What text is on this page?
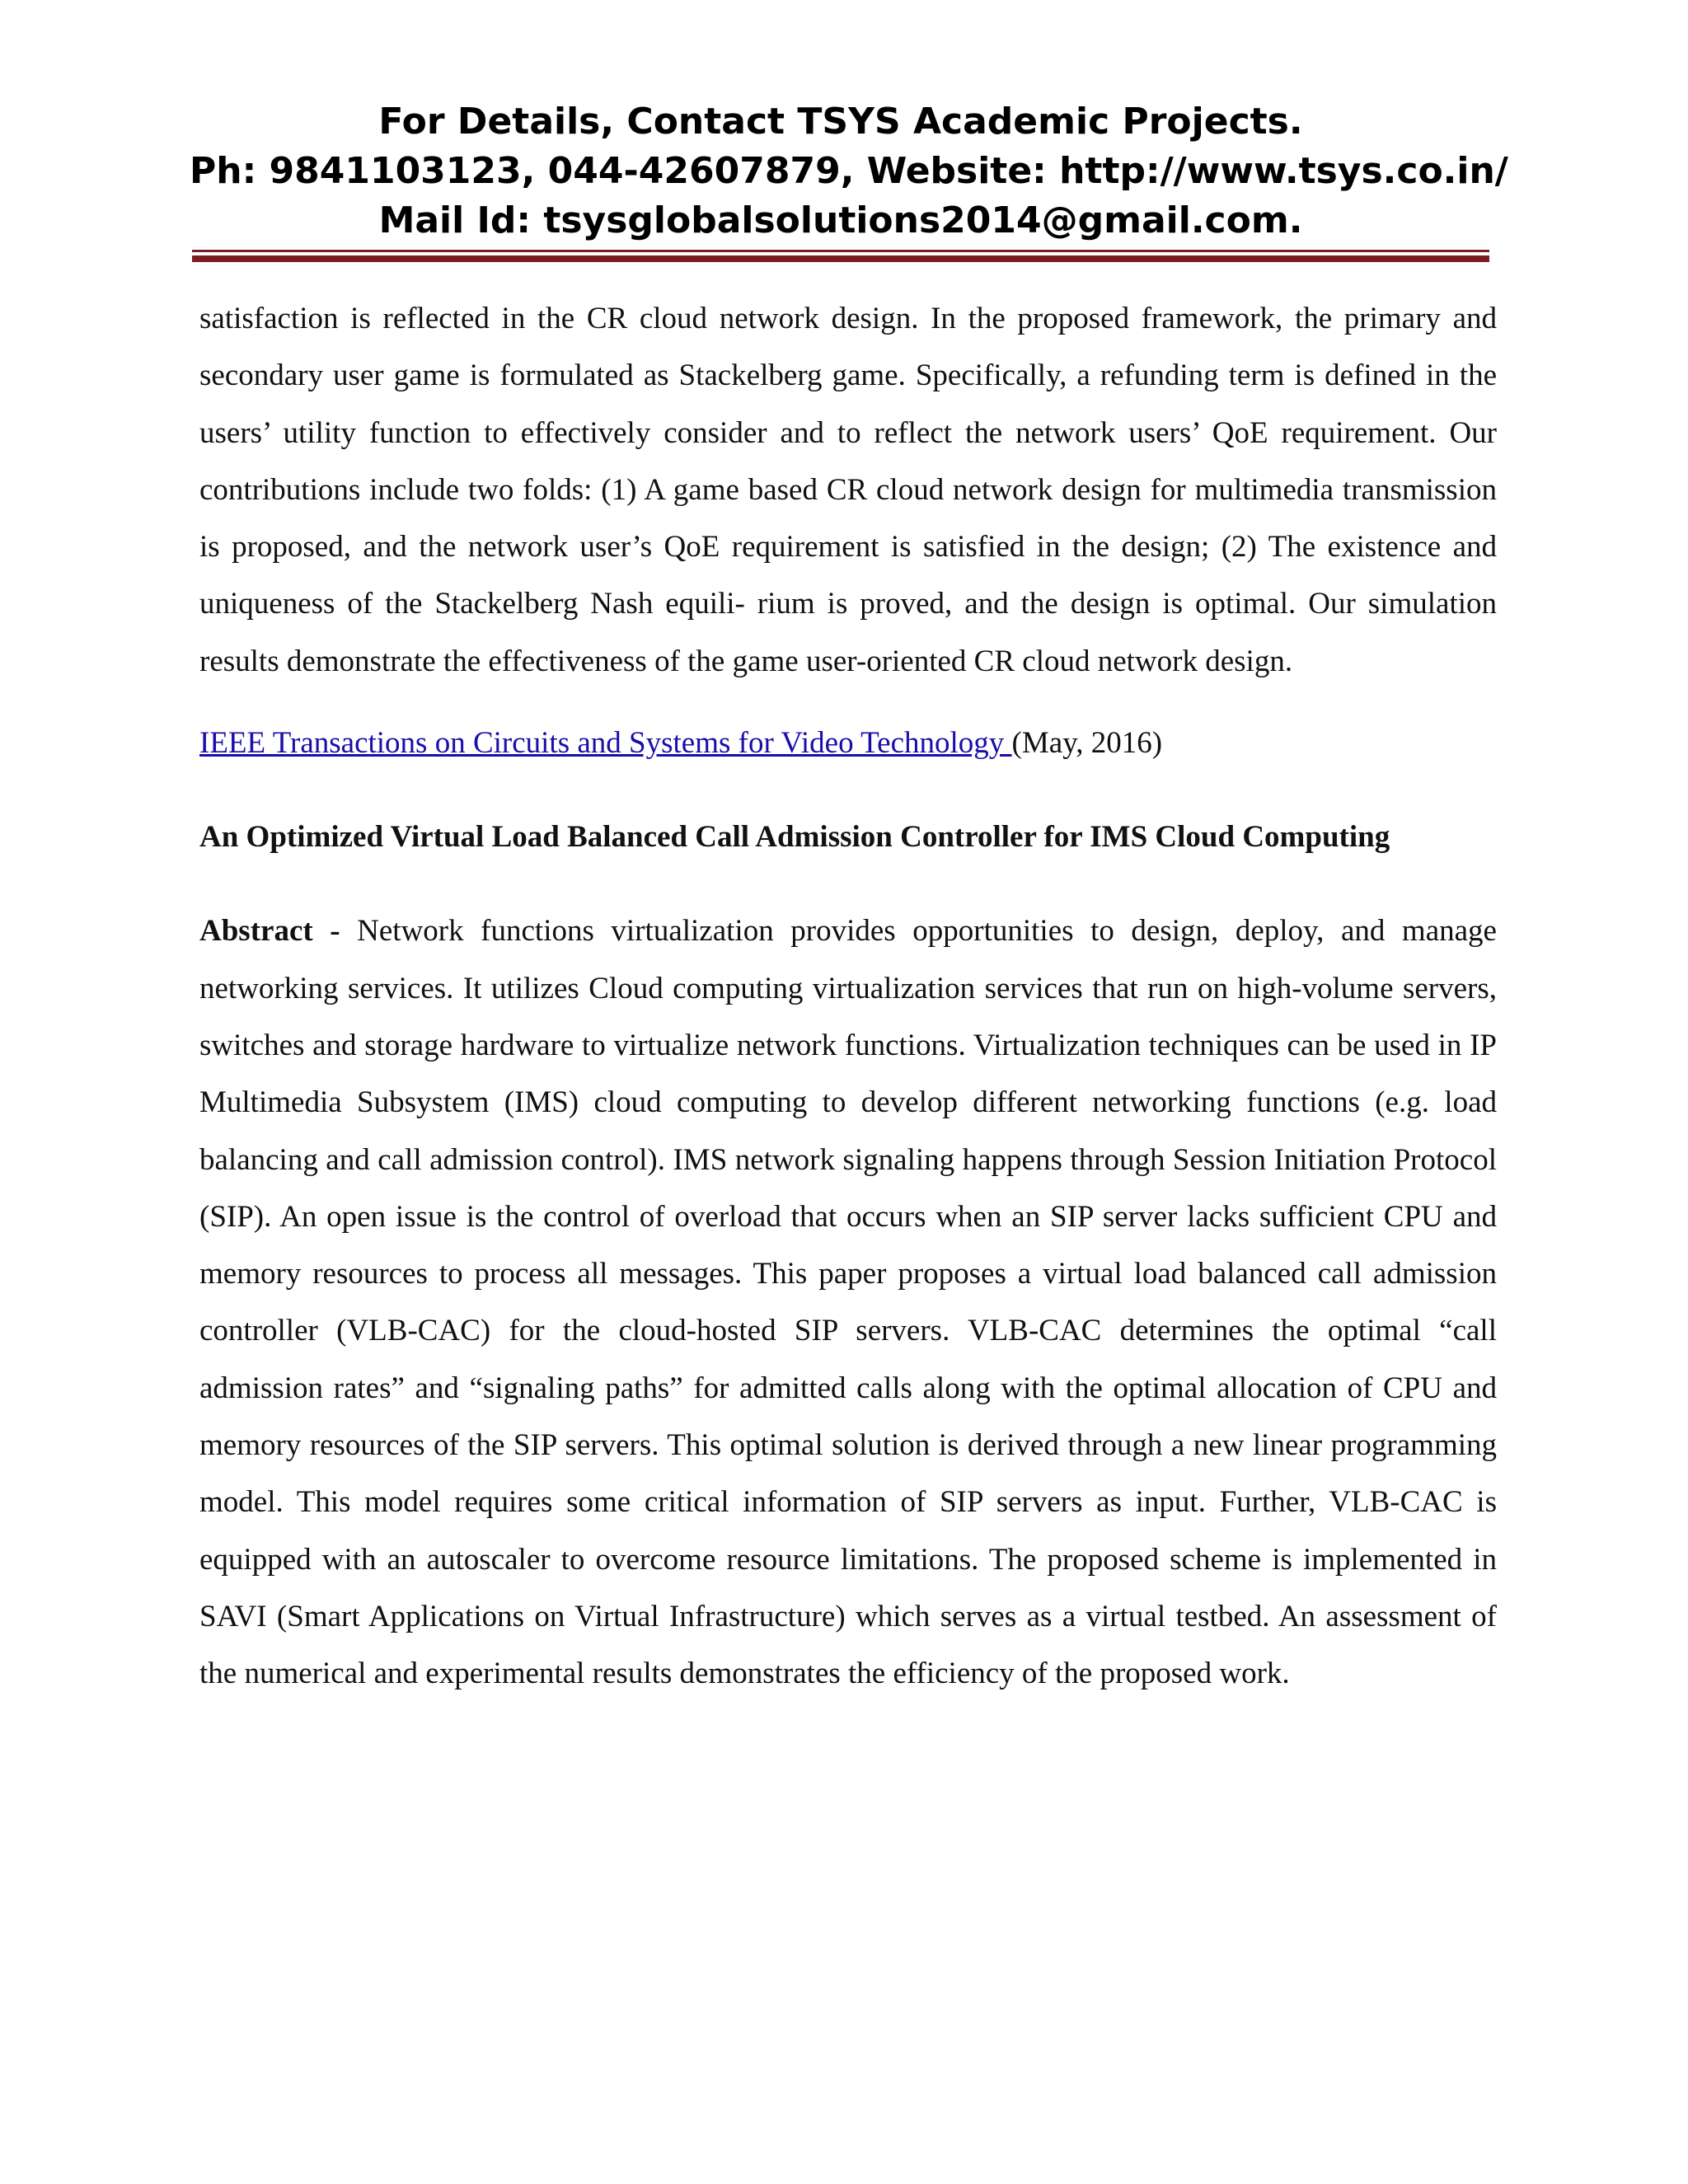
For Details, Contact TSYS Academic Projects.
Ph: 9841103123, 044-42607879, Website: http://www.tsys.co.in/
Mail Id: tsysglobalsolutions2014@gmail.com.

satisfaction is reflected in the CR cloud network design. In the proposed framework, the primary and secondary user game is formulated as Stackelberg game. Specifically, a refunding term is defined in the users’ utility function to effectively consider and to reflect the network users’ QoE requirement. Our contributions include two folds: (1) A game based CR cloud network design for multimedia transmission is proposed, and the network user’s QoE requirement is satisfied in the design; (2) The existence and uniqueness of the Stackelberg Nash equili- rium is proved, and the design is optimal. Our simulation results demonstrate the effectiveness of the game user-oriented CR cloud network design.

IEEE Transactions on Circuits and Systems for Video Technology (May, 2016)

An Optimized Virtual Load Balanced Call Admission Controller for IMS Cloud Computing

Abstract - Network functions virtualization provides opportunities to design, deploy, and manage networking services. It utilizes Cloud computing virtualization services that run on high-volume servers, switches and storage hardware to virtualize network functions. Virtualization techniques can be used in IP Multimedia Subsystem (IMS) cloud computing to develop different networking functions (e.g. load balancing and call admission control). IMS network signaling happens through Session Initiation Protocol (SIP). An open issue is the control of overload that occurs when an SIP server lacks sufficient CPU and memory resources to process all messages. This paper proposes a virtual load balanced call admission controller (VLB-CAC) for the cloud-hosted SIP servers. VLB-CAC determines the optimal “call admission rates” and “signaling paths” for admitted calls along with the optimal allocation of CPU and memory resources of the SIP servers. This optimal solution is derived through a new linear programming model. This model requires some critical information of SIP servers as input. Further, VLB-CAC is equipped with an autoscaler to overcome resource limitations. The proposed scheme is implemented in SAVI (Smart Applications on Virtual Infrastructure) which serves as a virtual testbed. An assessment of the numerical and experimental results demonstrates the efficiency of the proposed work.
